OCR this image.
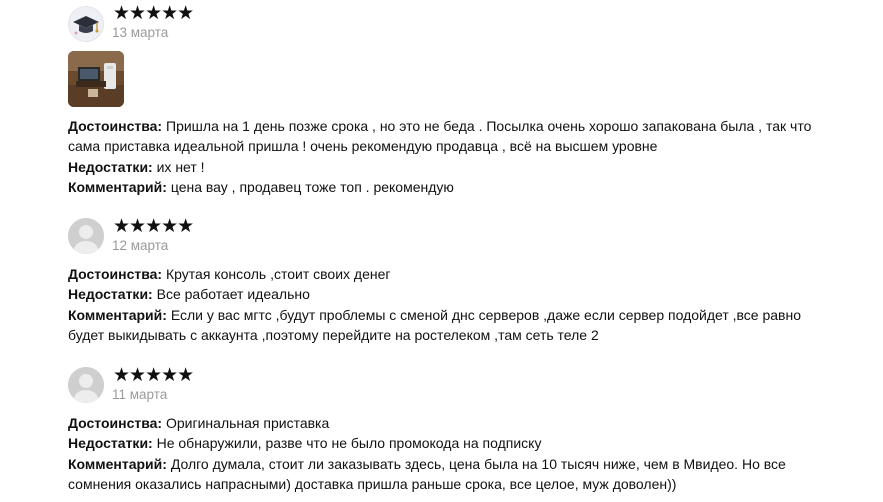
★★★★★
13 марта
Достоинства: Пришла на 1 день позже срока , но это не беда . Посылка очень хорошо запакована была , так что сама приставка идеальной пришла ! очень рекомендую продавца , всё на высшем уровне
Недостатки: их нет !
Комментарий: цена вау , продавец тоже топ . рекомендую
★★★★★
12 марта
Достоинства: Крутая консоль ,стоит своих денег
Недостатки: Все работает идеально
Комментарий: Если у вас мгтс ,будут проблемы с сменой днс серверов ,даже если сервер подойдет ,все равно будет выкидывать с аккаунта ,поэтому перейдите на ростелеком ,там сеть теле 2
★★★★★
11 марта
Достоинства: Оригинальная приставка
Недостатки: Не обнаружили, разве что не было промокода на подписку
Комментарий: Долго думала, стоит ли заказывать здесь, цена была на 10 тысяч ниже, чем в Мвидео. Но все сомнения оказались напрасными) доставка пришла раньше срока, все целое, муж доволен))
